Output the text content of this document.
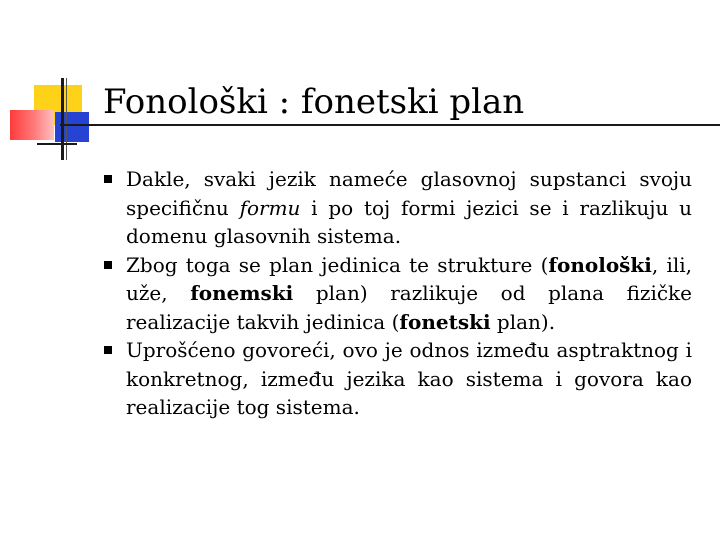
Fonološki : fonetski plan
Dakle, svaki jezik nameće glasovnoj supstanci svoju specifičnu formu i po toj formi jezici se i razlikuju u domenu glasovnih sistema.
Zbog toga se plan jedinica te strukture (fonološki, ili, uže, fonemski plan) razlikuje od plana fizičke realizacije takvih jedinica (fonetski plan).
Uprošćeno govoreći, ovo je odnos između asptraktnog i konkretnog, između jezika kao sistema i govora kao realizacije tog sistema.
